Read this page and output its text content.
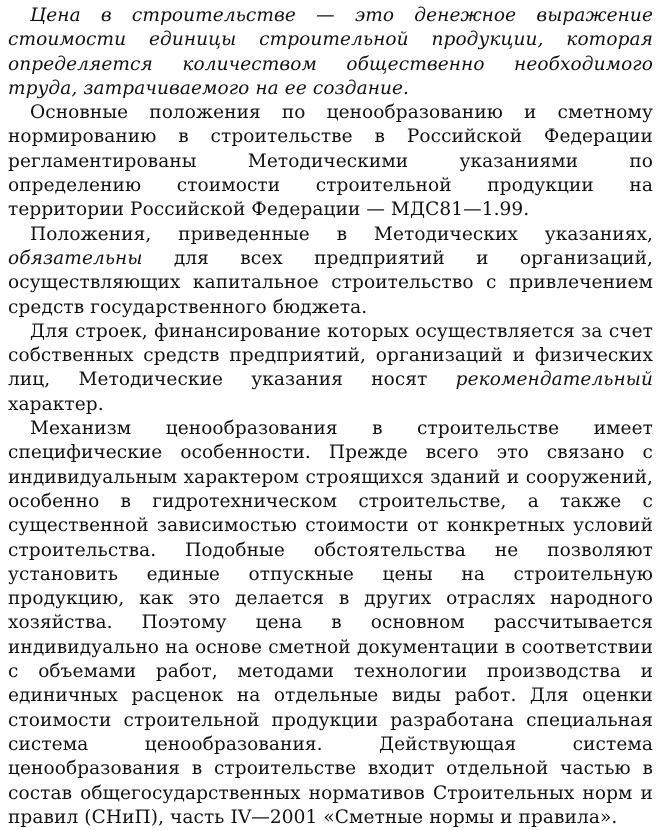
Цена в строительстве — это денежное выражение стоимости единицы строительной продукции, которая определяется количеством общественно необходимого труда, затрачиваемого на ее создание.

Основные положения по ценообразованию и сметному нормированию в строительстве в Российской Федерации регламентированы Методическими указаниями по определению стоимости строительной продукции на территории Российской Федерации — МДС81—1.99.

Положения, приведенные в Методических указаниях, обязательны для всех предприятий и организаций, осуществляющих капитальное строительство с привлечением средств государственного бюджета.

Для строек, финансирование которых осуществляется за счет собственных средств предприятий, организаций и физических лиц, Методические указания носят рекомендательный характер.

Механизм ценообразования в строительстве имеет специфические особенности. Прежде всего это связано с индивидуальным характером строящихся зданий и сооружений, особенно в гидротехническом строительстве, а также с существенной зависимостью стоимости от конкретных условий строительства. Подобные обстоятельства не позволяют установить единые отпускные цены на строительную продукцию, как это делается в других отраслях народного хозяйства. Поэтому цена в основном рассчитывается индивидуально на основе сметной документации в соответствии с объемами работ, методами технологии производства и единичных расценок на отдельные виды работ. Для оценки стоимости строительной продукции разработана специальная система ценообразования. Действующая система ценообразования в строительстве входит отдельной частью в состав общегосударственных нормативов Строительных норм и правил (СНиП), часть IV—2001 «Сметные нормы и правила».
